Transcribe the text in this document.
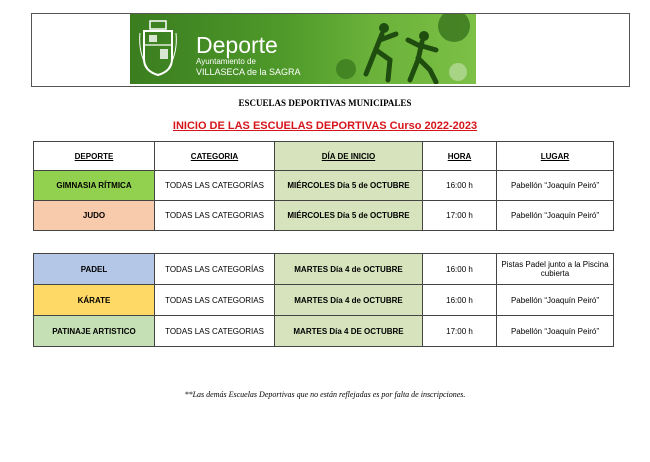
Deporte
Ayuntamiento de
VILLASECA de la SAGRA
ESCUELAS DEPORTIVAS MUNICIPALES
INICIO DE LAS ESCUELAS DEPORTIVAS Curso 2022-2023
DEPORTE	CATEGORIA	DÍA DE INICIO	HORA	LUGAR
GIMNASIA RÍTMICA	TODAS LAS CATEGORÍAS	MIÉRCOLES Día 5 de OCTUBRE	16:00 h	Pabellón “Joaquín Peiró”
JUDO	TODAS LAS CATEGORIAS	MIÉRCOLES Día 5 de OCTUBRE	17:00 h	Pabellón “Joaquín Peiró”
PADEL	TODAS LAS CATEGORÍAS	MARTES Día 4 de OCTUBRE	16:00 h	Pistas Padel junto a la Piscina cubierta
KÁRATE	TODAS LAS CATEGORIAS	MARTES Día 4 de OCTUBRE	16:00 h	Pabellón “Joaquín Peiró”
PATINAJE ARTISTICO	TODAS LAS CATEGORIAS	MARTES Día 4 DE OCTUBRE	17:00 h	Pabellón “Joaquín Peiró”
**Las demás Escuelas Deportivas que no están reflejadas es por falta de inscripciones.
